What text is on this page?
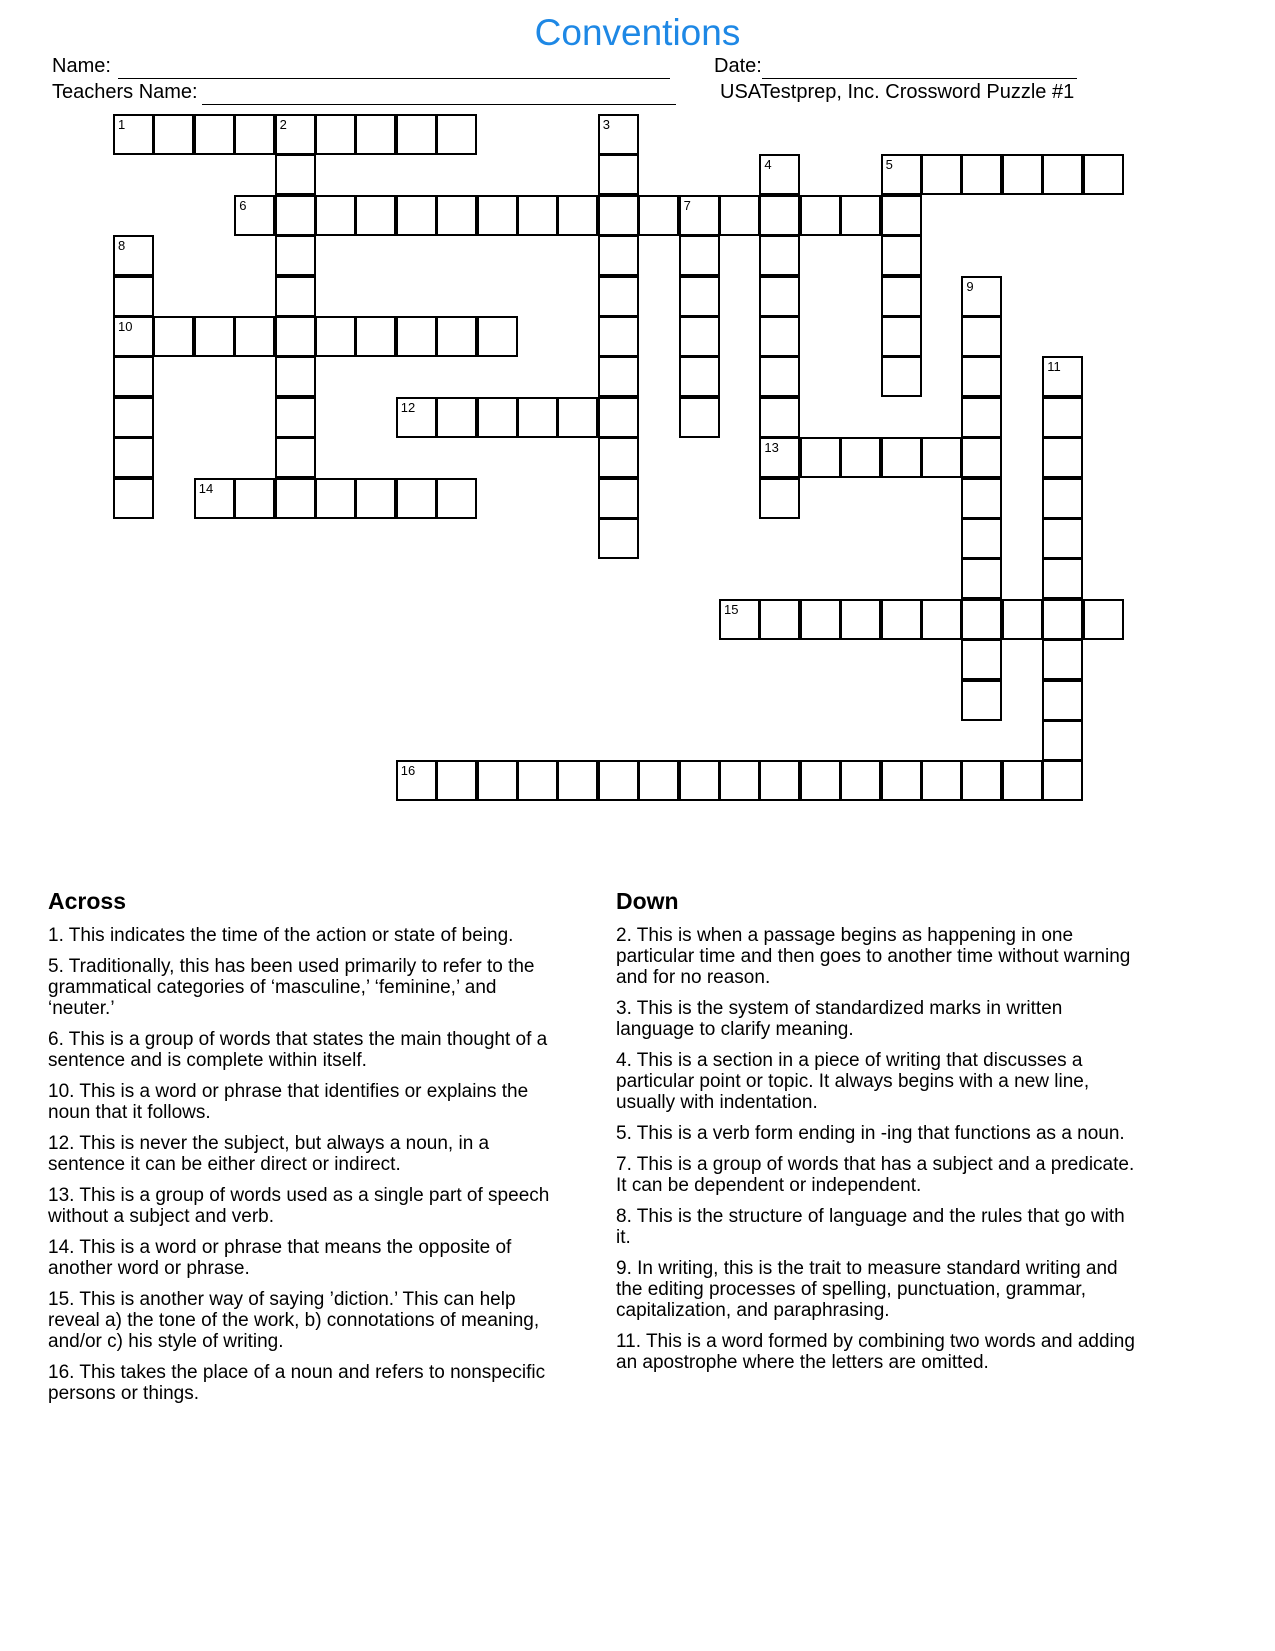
Conventions
Name:	Date:
Teachers Name:	USATestprep, Inc. Crossword Puzzle #1
1	2	3
4	5
6	7
8
9
10
11
12
13
14
15
16
Across
1. This indicates the time of the action or state of being.
5. Traditionally, this has been used primarily to refer to the grammatical categories of ‘masculine,’ ‘feminine,’ and ‘neuter.’
6. This is a group of words that states the main thought of a sentence and is complete within itself.
10. This is a word or phrase that identifies or explains the noun that it follows.
12. This is never the subject, but always a noun, in a sentence it can be either direct or indirect.
13. This is a group of words used as a single part of speech without a subject and verb.
14. This is a word or phrase that means the opposite of another word or phrase.
15. This is another way of saying ’diction.’ This can help reveal a) the tone of the work, b) connotations of meaning, and/or c) his style of writing.
16. This takes the place of a noun and refers to nonspecific persons or things.
Down
2. This is when a passage begins as happening in one particular time and then goes to another time without warning and for no reason.
3. This is the system of standardized marks in written language to clarify meaning.
4. This is a section in a piece of writing that discusses a particular point or topic. It always begins with a new line, usually with indentation.
5. This is a verb form ending in -ing that functions as a noun.
7. This is a group of words that has a subject and a predicate. It can be dependent or independent.
8. This is the structure of language and the rules that go with it.
9. In writing, this is the trait to measure standard writing and the editing processes of spelling, punctuation, grammar, capitalization, and paraphrasing.
11. This is a word formed by combining two words and adding an apostrophe where the letters are omitted.
